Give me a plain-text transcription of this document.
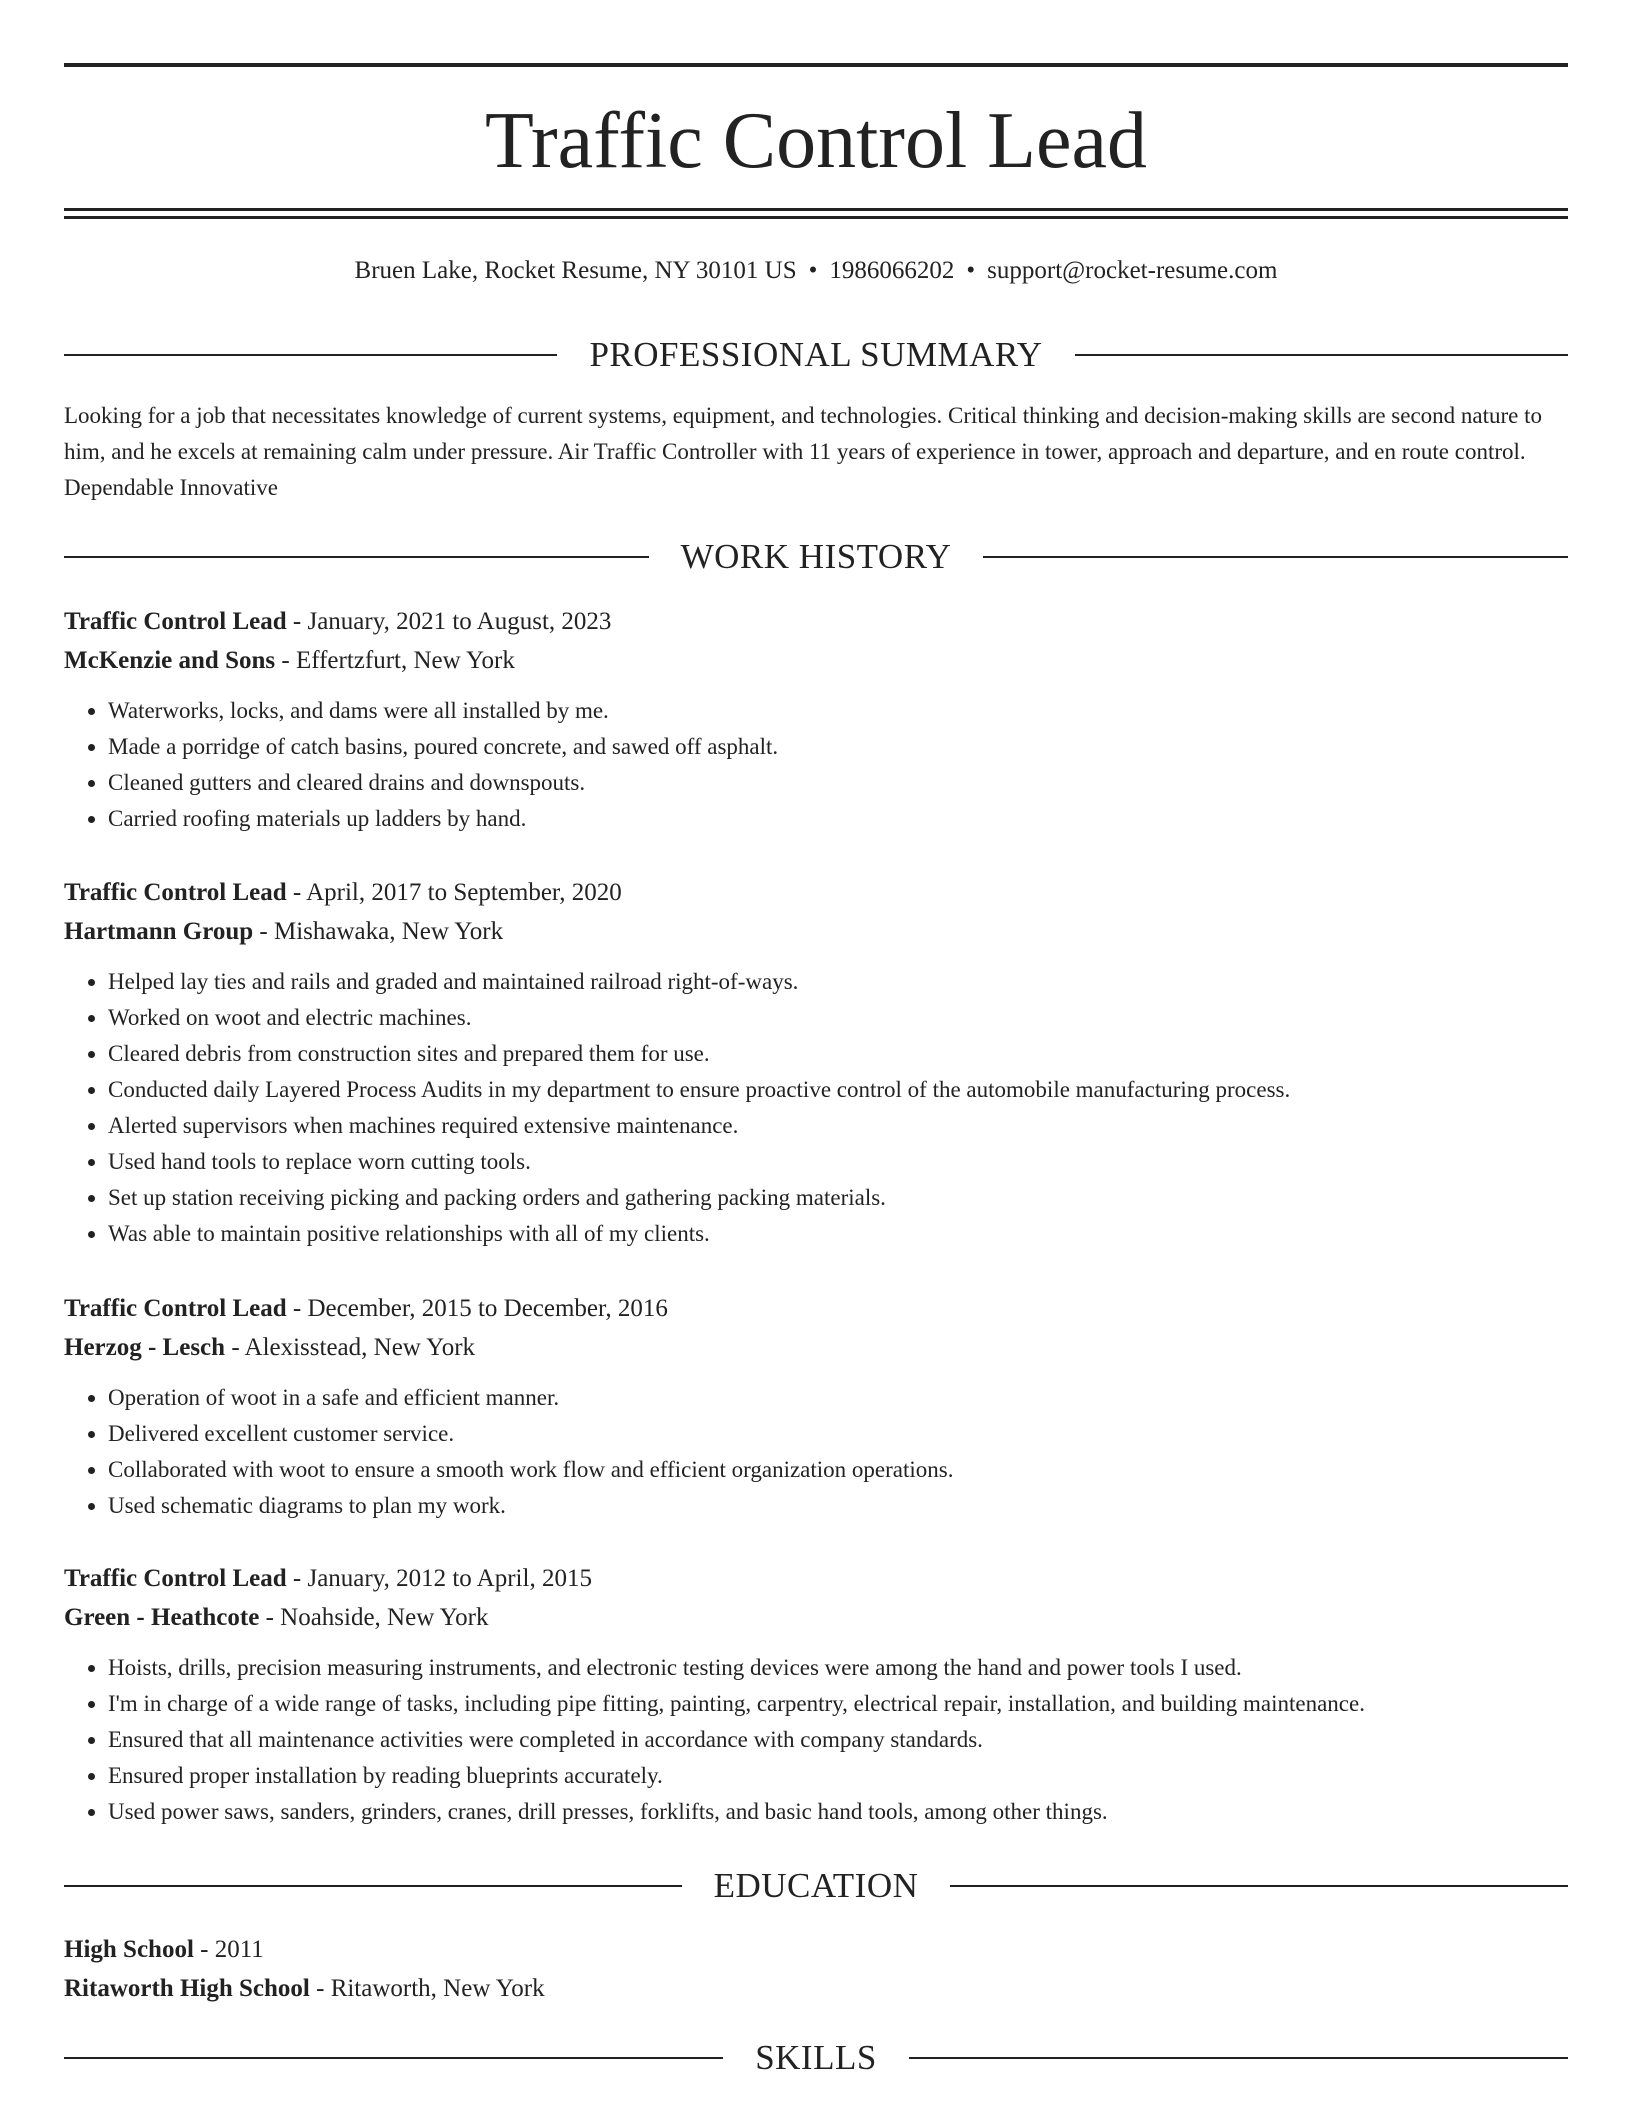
Traffic Control Lead
Bruen Lake, Rocket Resume, NY 30101 US • 1986066202 • support@rocket-resume.com
PROFESSIONAL SUMMARY

Looking for a job that necessitates knowledge of current systems, equipment, and technologies. Critical thinking and decision-making skills are second nature to him, and he excels at remaining calm under pressure. Air Traffic Controller with 11 years of experience in tower, approach and departure, and en route control. Dependable Innovative

WORK HISTORY
Traffic Control Lead - January, 2021 to August, 2023
McKenzie and Sons - Effertzfurt, New York
• Waterworks, locks, and dams were all installed by me.
• Made a porridge of catch basins, poured concrete, and sawed off asphalt.
• Cleaned gutters and cleared drains and downspouts.
• Carried roofing materials up ladders by hand.
Traffic Control Lead - April, 2017 to September, 2020
Hartmann Group - Mishawaka, New York
• Helped lay ties and rails and graded and maintained railroad right-of-ways.
• Worked on woot and electric machines.
• Cleared debris from construction sites and prepared them for use.
• Conducted daily Layered Process Audits in my department to ensure proactive control of the automobile manufacturing process.
• Alerted supervisors when machines required extensive maintenance.
• Used hand tools to replace worn cutting tools.
• Set up station receiving picking and packing orders and gathering packing materials.
• Was able to maintain positive relationships with all of my clients.
Traffic Control Lead - December, 2015 to December, 2016
Herzog - Lesch - Alexisstead, New York
• Operation of woot in a safe and efficient manner.
• Delivered excellent customer service.
• Collaborated with woot to ensure a smooth work flow and efficient organization operations.
• Used schematic diagrams to plan my work.
Traffic Control Lead - January, 2012 to April, 2015
Green - Heathcote - Noahside, New York
• Hoists, drills, precision measuring instruments, and electronic testing devices were among the hand and power tools I used.
• I'm in charge of a wide range of tasks, including pipe fitting, painting, carpentry, electrical repair, installation, and building maintenance.
• Ensured that all maintenance activities were completed in accordance with company standards.
• Ensured proper installation by reading blueprints accurately.
• Used power saws, sanders, grinders, cranes, drill presses, forklifts, and basic hand tools, among other things.
EDUCATION
High School - 2011
Ritaworth High School - Ritaworth, New York
SKILLS
